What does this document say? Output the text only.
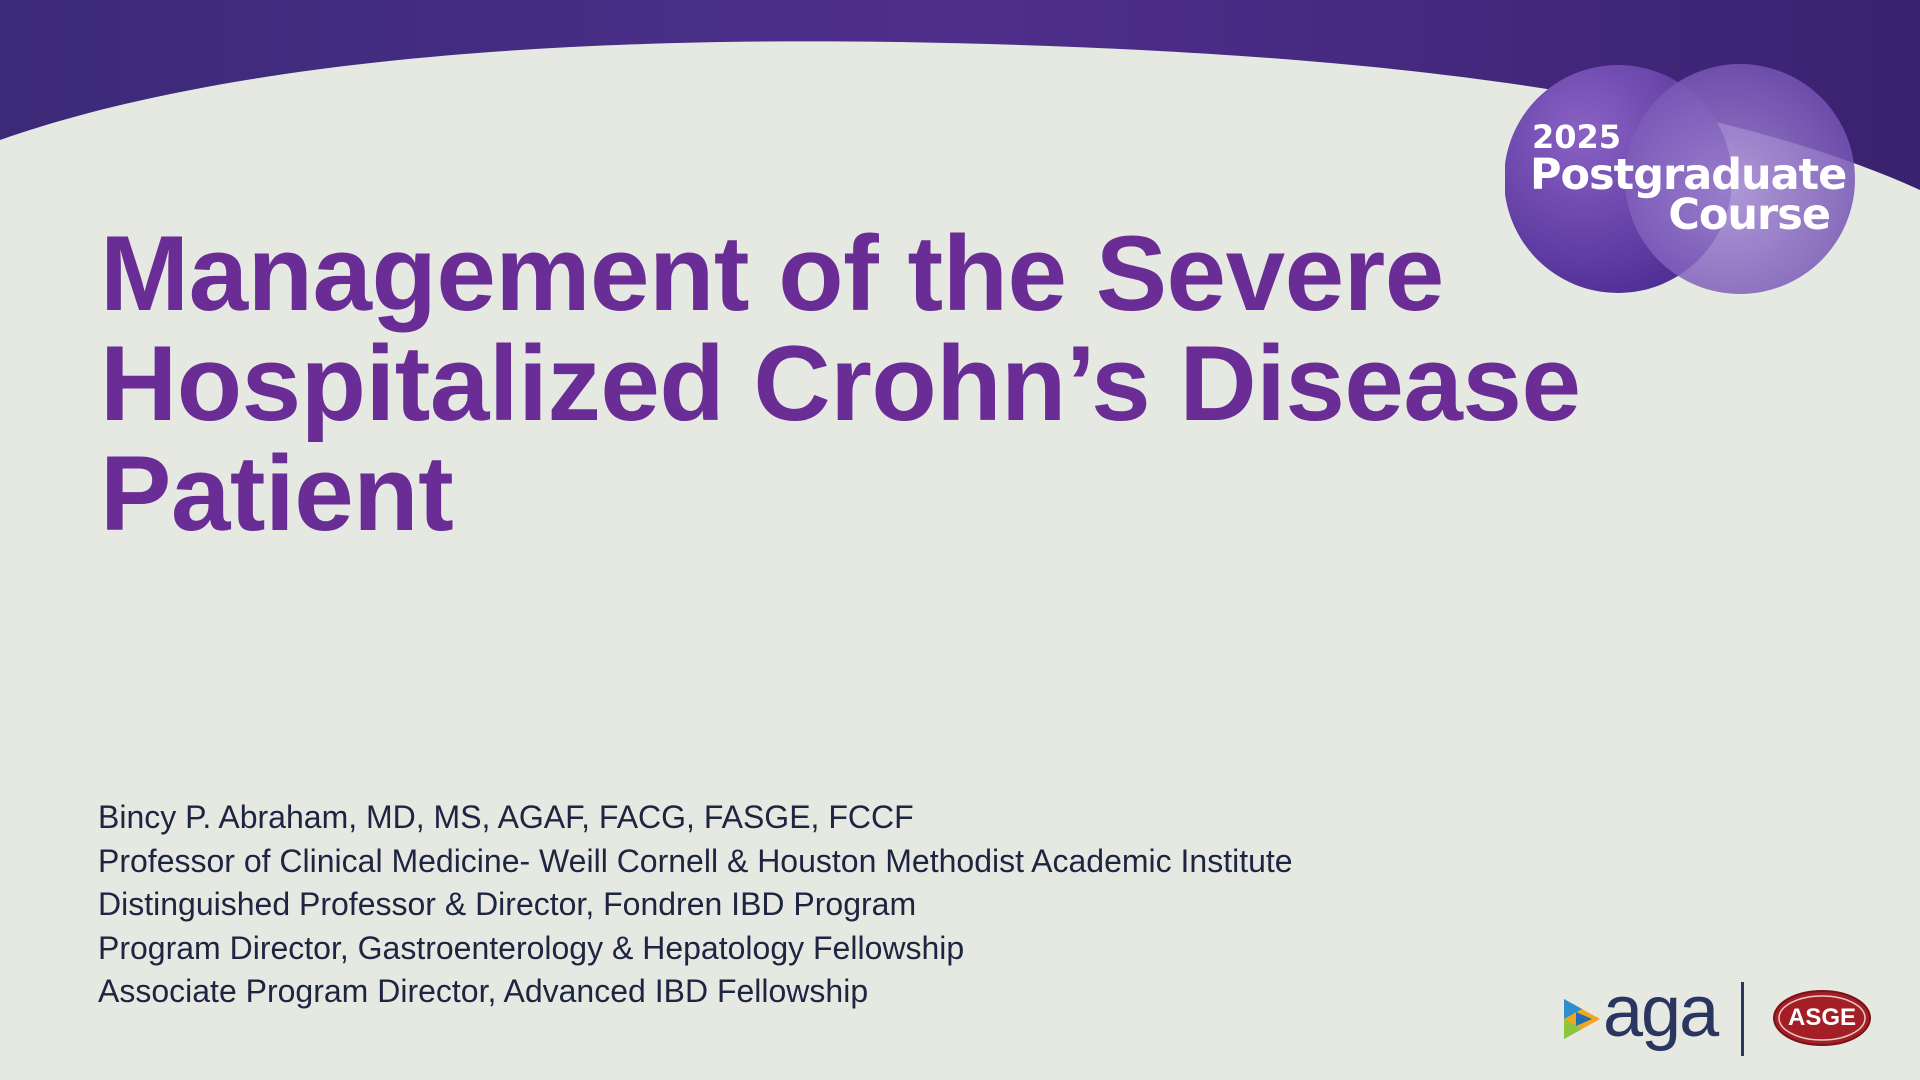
2025
Postgraduate
Course
Management of the Severe
Hospitalized Crohn’s Disease
Patient
Bincy P. Abraham, MD, MS, AGAF, FACG, FASGE, FCCF
Professor of Clinical Medicine- Weill Cornell & Houston Methodist Academic Institute
Distinguished Professor & Director, Fondren IBD Program
Program Director, Gastroenterology & Hepatology Fellowship
Associate Program Director, Advanced IBD Fellowship	aga	ASGE
